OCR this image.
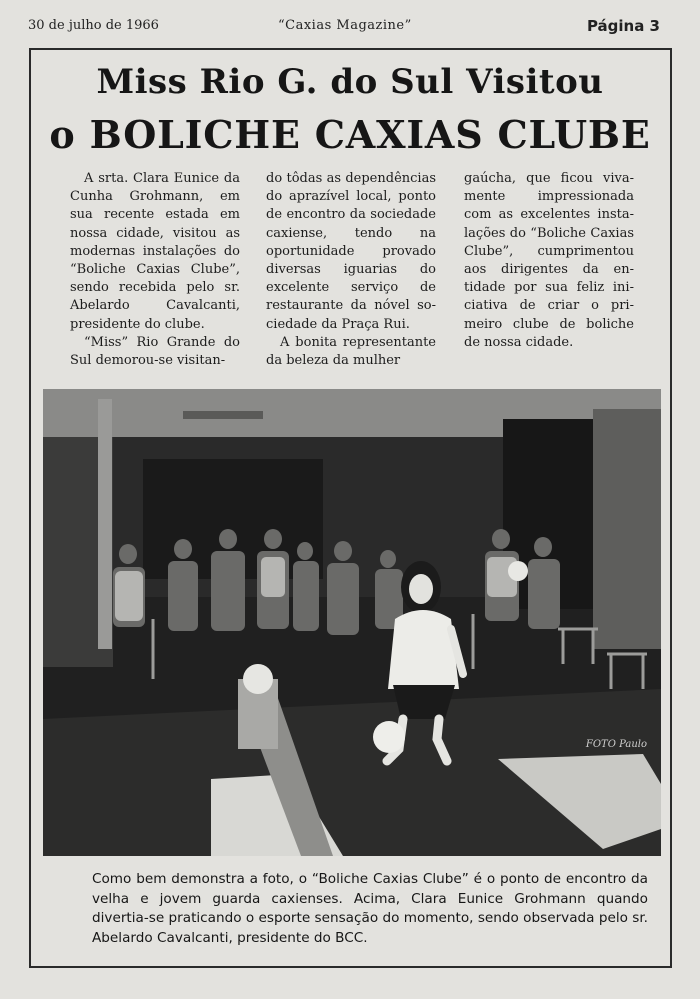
30 de julho de 1966	“Caxias Magazine”	Página 3
Miss Rio G. do Sul Visitou
o BOLICHE CAXIAS CLUBE

A srta. Clara Eunice da Cunha Grohmann, em sua recente estada em nossa cidade, visitou as modernas instalações do “Boliche Caxias Clube”, sendo recebida pelo sr. Abelardo Cavalcanti, presidente do clube.

“Miss” Rio Grande do Sul demorou-se visitan-

do tôdas as dependências do aprazível local, ponto de encontro da sociedade caxiense, tendo na oportunidade provado diversas iguarias do excelente serviço de restaurante da nóvel sociedade da Praça Rui.

A bonita representante da beleza da mulher

gaúcha, que ficou vivamente impressionada com as excelentes instalações do “Boliche Caxias Clube”, cumprimentou aos dirigentes da entidade por sua feliz iniciativa de criar o primeiro clube de boliche de nossa cidade.

FOTO Paulo
Como bem demonstra a foto, o “Boliche Caxias Clube” é o ponto de encontro da velha e jovem guarda caxienses. Acima, Clara Eunice Grohmann quando divertia-se praticando o esporte sensação do momento, sendo observada pelo sr. Abelardo Cavalcanti, presidente do BCC.
